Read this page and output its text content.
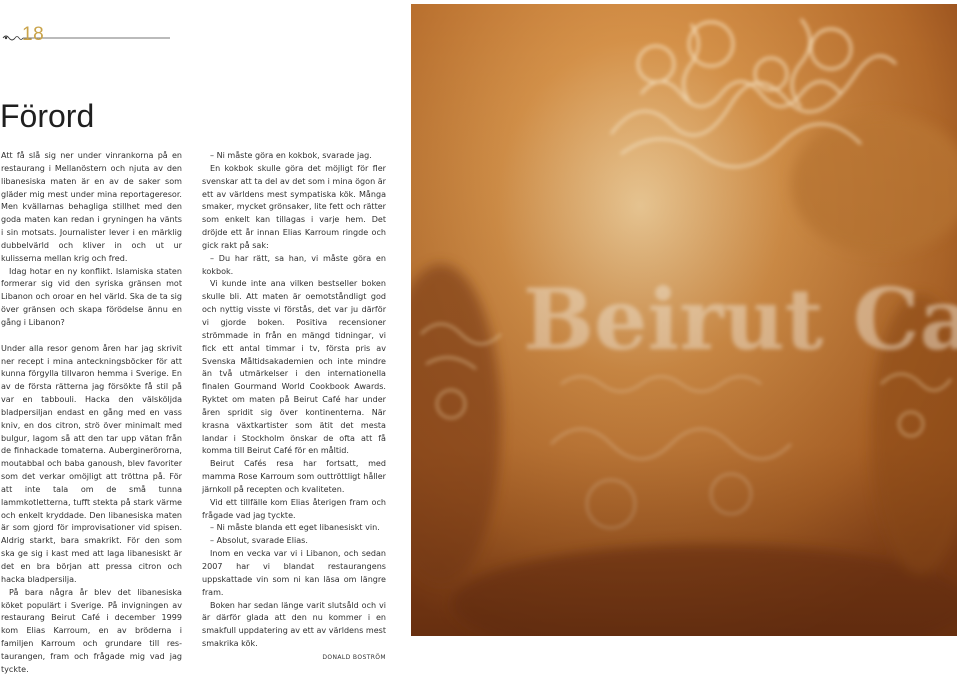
18
Förord

Att få slå sig ner under vinrankorna på en restaurang i Mellanöstern och njuta av den libanesiska maten är en av de saker som gläder mig mest under mina reportageresor. Men kvällarnas behagliga stillhet med den goda maten kan redan i gryningen ha vänts i sin motsats. Journalister lever i en märklig dubbelvärld och kliver in och ut ur kulisserna mellan krig och fred.

Idag hotar en ny konflikt. Islamiska staten formerar sig vid den syriska gränsen mot Libanon och oroar en hel värld. Ska de ta sig över gränsen och skapa förödelse ännu en gång i Libanon?

Under alla resor genom åren har jag skrivit ner recept i mina anteckningsböcker för att kunna förgylla tillvaron hemma i Sverige. En av de första rätterna jag försökte få stil på var en tabbouli. Hacka den välsköljda bladpersiljan endast en gång med en vass kniv, en dos citron, strö över minimalt med bulgur, lagom så att den tar upp vätan från de finhackade tomaterna. Auberginerörorna, moutabbal och baba ganoush, blev favoriter som det verkar omöjligt att tröttna på. För att inte tala om de små tunna lammkotletterna, tufft stekta på stark värme och enkelt kryddade. Den libanesiska maten är som gjord för improvisationer vid spisen. Aldrig starkt, bara smakrikt. För den som ska ge sig i kast med att laga libanesiskt är det en bra början att pressa citron och hacka bladpersilja.

På bara några år blev det libanesiska köket populärt i Sverige. På invigningen av restaurang Beirut Café i december 1999 kom Elias Karroum, en av bröderna i familjen Karroum och grundare till restaurangen, fram och frågade mig vad jag tyckte.

– Ni måste göra en kokbok, svarade jag.

En kokbok skulle göra det möjligt för fler svenskar att ta del av det som i mina ögon är ett av världens mest sympatiska kök. Många smaker, mycket grönsaker, lite fett och rätter som enkelt kan tillagas i varje hem. Det dröjde ett år innan Elias Karroum ringde och gick rakt på sak:

– Du har rätt, sa han, vi måste göra en kokbok.

Vi kunde inte ana vilken bestseller boken skulle bli. Att maten är oemotståndligt god och nyttig visste vi förstås, det var ju därför vi gjorde boken. Positiva recensioner strömmade in från en mängd tidningar, vi fick ett antal timmar i tv, första pris av Svenska Måltidsakademien och inte mindre än två utmärkelser i den internationella finalen Gourmand World Cookbook Awards. Ryktet om maten på Beirut Café har under åren spridit sig över kontinenterna. När krasna växtkartister som ätit det mesta landar i Stockholm önskar de ofta att få komma till Beirut Café för en måltid.

Beirut Cafés resa har fortsatt, med mamma Rose Karroum som outtröttligt håller järnkoll på recepten och kvaliteten.

Vid ett tillfälle kom Elias återigen fram och frågade vad jag tyckte.

– Ni måste blanda ett eget libanesiskt vin.

– Absolut, svarade Elias.

Inom en vecka var vi i Libanon, och sedan 2007 har vi blandat restaurangens uppskattade vin som ni kan läsa om längre fram.

Boken har sedan länge varit slutsåld och vi är därför glada att den nu kommer i en smakfull uppdatering av ett av världens mest smakrika kök.

DONALD BOSTRÖM
